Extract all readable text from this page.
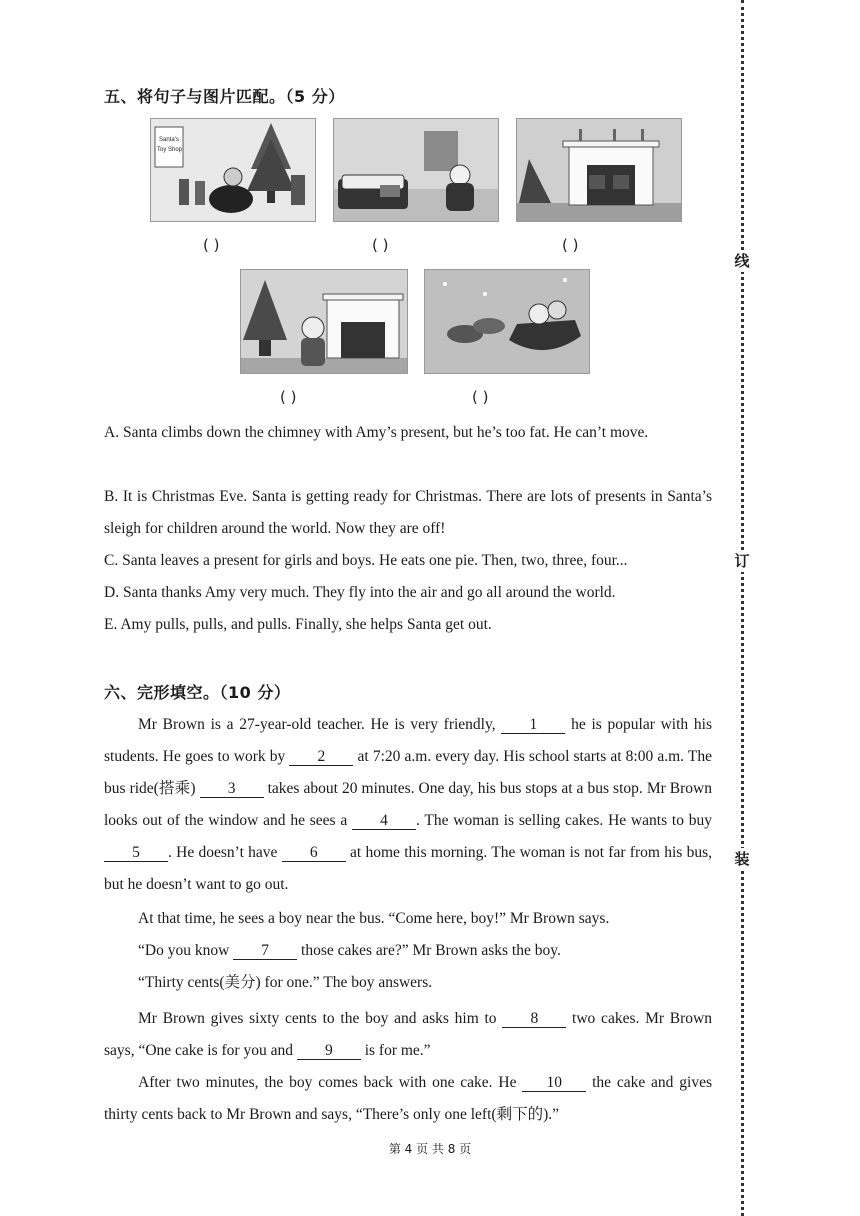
五、将句子与图片匹配。（5 分）
Santa's
Toy Shop
( )	( )	( )
( )	( )
A. Santa climbs down the chimney with Amy’s present, but he’s too fat. He can’t move.
B. It is Christmas Eve. Santa is getting ready for Christmas. There are lots of presents in Santa’s sleigh for children around the world. Now they are off!
C. Santa leaves a present for girls and boys. He eats one pie. Then, two, three, four...
D. Santa thanks Amy very much. They fly into the air and go all around the world.
E. Amy pulls, pulls, and pulls. Finally, she helps Santa get out.
六、完形填空。（10 分）
Mr Brown is a 27-year-old teacher. He is very friendly, 1 he is popular with his students. He goes to work by 2 at 7:20 a.m. every day. His school starts at 8:00 a.m. The bus ride(搭乘) 3 takes about 20 minutes. One day, his bus stops at a bus stop. Mr Brown looks out of the window and he sees a 4 . The woman is selling cakes. He wants to buy 5 . He doesn’t have 6 at home this morning. The woman is not far from his bus, but he doesn’t want to go out.
At that time, he sees a boy near the bus. “Come here, boy!” Mr Brown says.
“Do you know 7 those cakes are?” Mr Brown asks the boy.
“Thirty cents(美分) for one.” The boy answers.
Mr Brown gives sixty cents to the boy and asks him to 8 two cakes. Mr Brown says, “One cake is for you and 9 is for me.”
After two minutes, the boy comes back with one cake. He 10 the cake and gives thirty cents back to Mr Brown and says, “There’s only one left(剩下的).”
第 4 页 共 8 页
线
订
装
